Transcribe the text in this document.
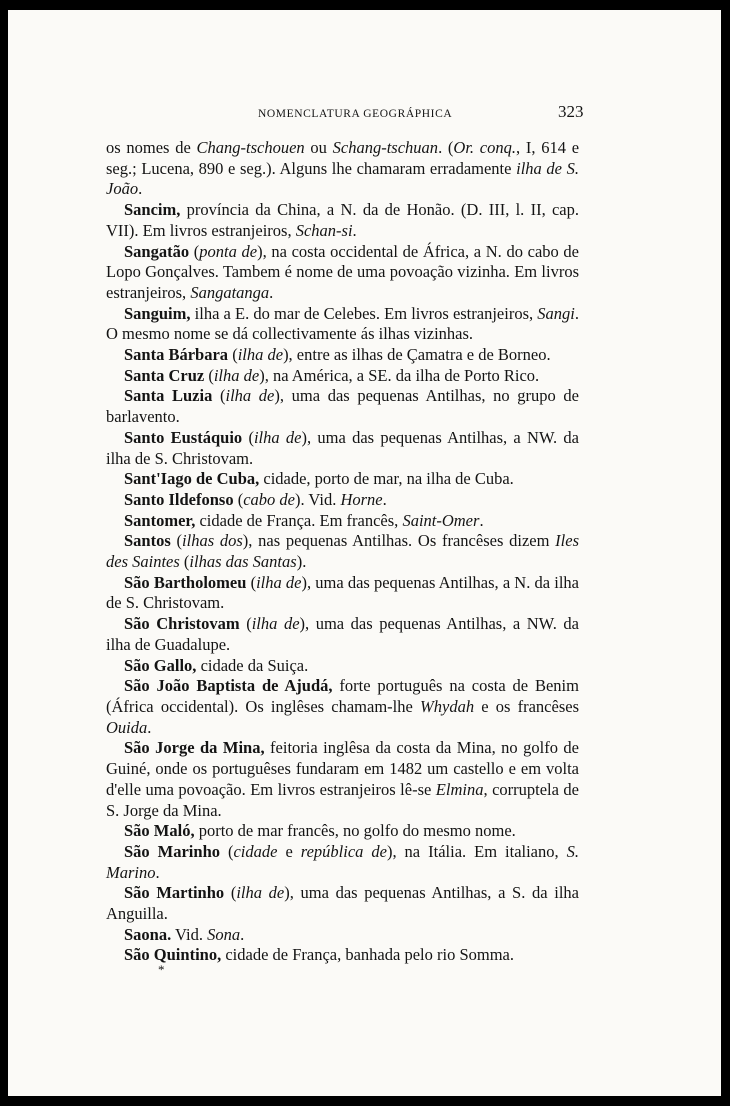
NOMENCLATURA GEOGRÁPHICA	323

os nomes de Chang-tschouen ou Schang-tschuan. (Or. conq., I, 614 e seg.; Lucena, 890 e seg.). Alguns lhe chamaram erradamente ilha de S. João.

Sancim, província da China, a N. da de Honão. (D. III, l. II, cap. VII). Em livros estranjeiros, Schan-si.

Sangatão (ponta de), na costa occidental de África, a N. do cabo de Lopo Gonçalves. Tambem é nome de uma povoação vizinha. Em livros estranjeiros, Sangatanga.

Sanguim, ilha a E. do mar de Celebes. Em livros estranjeiros, Sangi. O mesmo nome se dá collectivamente ás ilhas vizinhas.

Santa Bárbara (ilha de), entre as ilhas de Çamatra e de Borneo.

Santa Cruz (ilha de), na América, a SE. da ilha de Porto Rico.

Santa Luzia (ilha de), uma das pequenas Antilhas, no grupo de barlavento.

Santo Eustáquio (ilha de), uma das pequenas Antilhas, a NW. da ilha de S. Christovam.

Sant'Iago de Cuba, cidade, porto de mar, na ilha de Cuba.

Santo Ildefonso (cabo de). Vid. Horne.

Santomer, cidade de França. Em francês, Saint-Omer.

Santos (ilhas dos), nas pequenas Antilhas. Os francêses dizem Iles des Saintes (ilhas das Santas).

São Bartholomeu (ilha de), uma das pequenas Antilhas, a N. da ilha de S. Christovam.

São Christovam (ilha de), uma das pequenas Antilhas, a NW. da ilha de Guadalupe.

São Gallo, cidade da Suiça.

São João Baptista de Ajudá, forte português na costa de Benim (África occidental). Os inglêses chamam-lhe Whydah e os francêses Ouida.

São Jorge da Mina, feitoria inglêsa da costa da Mina, no golfo de Guiné, onde os portuguêses fundaram em 1482 um castello e em volta d'elle uma povoação. Em livros estranjeiros lê-se Elmina, corruptela de S. Jorge da Mina.

São Maló, porto de mar francês, no golfo do mesmo nome.

São Marinho (cidade e república de), na Itália. Em italiano, S. Marino.

São Martinho (ilha de), uma das pequenas Antilhas, a S. da ilha Anguilla.

Saona. Vid. Sona.

São Quintino, cidade de França, banhada pelo rio Somma.

*
